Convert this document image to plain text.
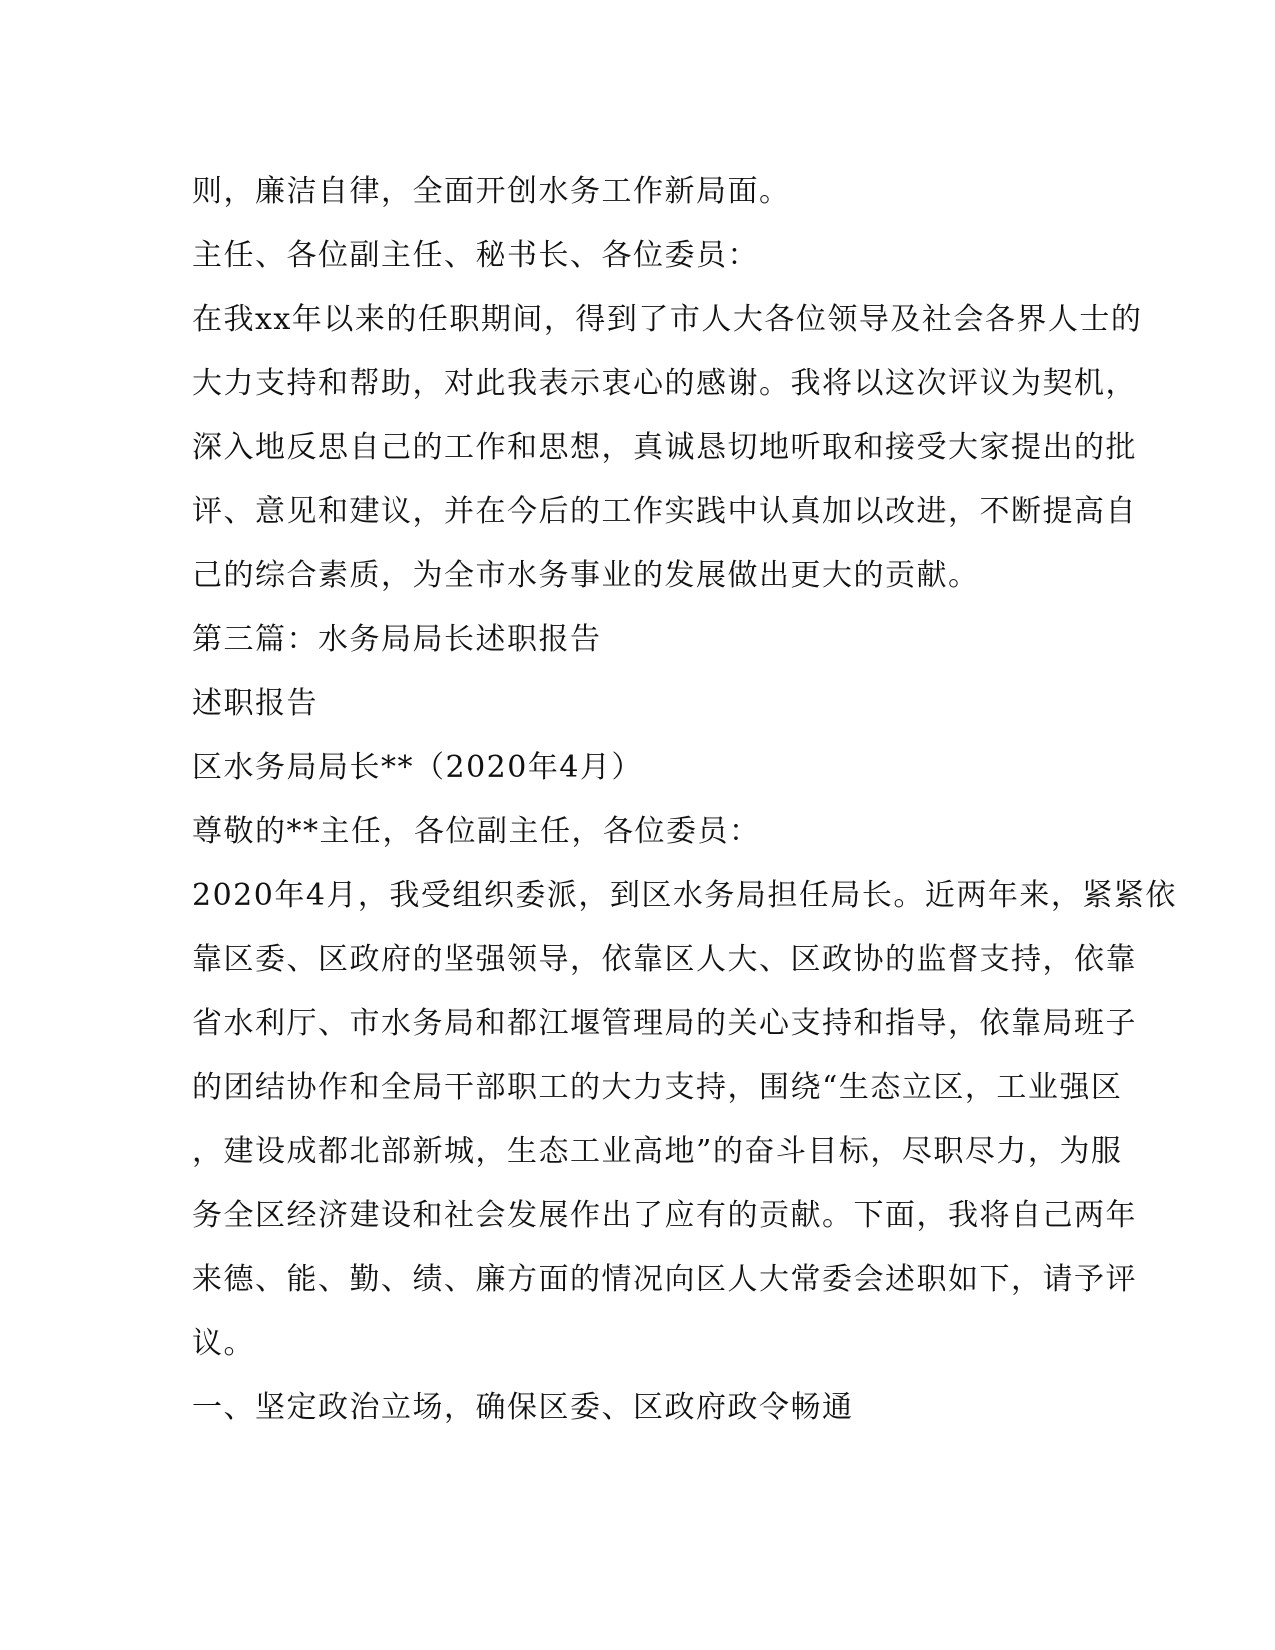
则，廉洁自律，全面开创水务工作新局面。
主任、各位副主任、秘书长、各位委员：
在我xx年以来的任职期间，得到了市人大各位领导及社会各界人士的
大力支持和帮助，对此我表示衷心的感谢。我将以这次评议为契机，
深入地反思自己的工作和思想，真诚恳切地听取和接受大家提出的批
评、意见和建议，并在今后的工作实践中认真加以改进，不断提高自
己的综合素质，为全市水务事业的发展做出更大的贡献。
第三篇：水务局局长述职报告
述职报告
区水务局局长**（2020年4月）
尊敬的**主任，各位副主任，各位委员：
2020年4月，我受组织委派，到区水务局担任局长。近两年来，紧紧依
靠区委、区政府的坚强领导，依靠区人大、区政协的监督支持，依靠
省水利厅、市水务局和都江堰管理局的关心支持和指导，依靠局班子
的团结协作和全局干部职工的大力支持，围绕“生态立区，工业强区
，建设成都北部新城，生态工业高地”的奋斗目标，尽职尽力，为服
务全区经济建设和社会发展作出了应有的贡献。下面，我将自己两年
来德、能、勤、绩、廉方面的情况向区人大常委会述职如下，请予评
议。
一、坚定政治立场，确保区委、区政府政令畅通
